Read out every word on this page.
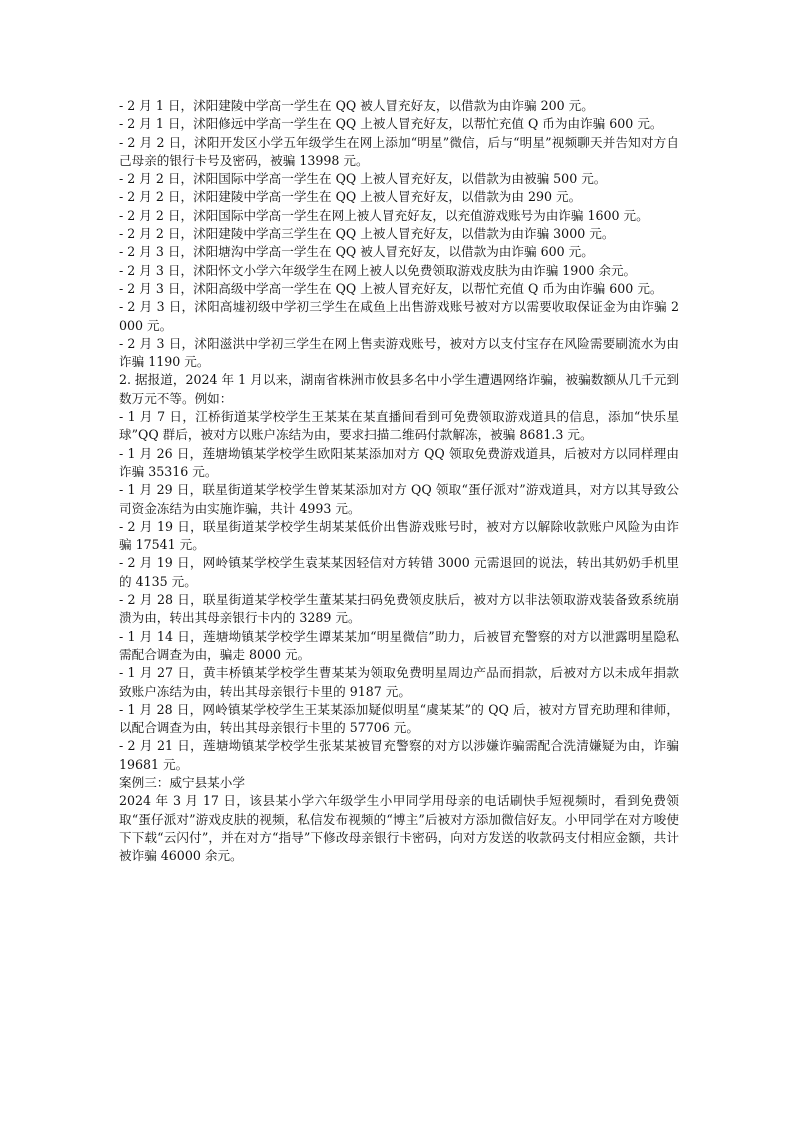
- 2 月 1 日，沭阳建陵中学高一学生在 QQ 被人冒充好友，以借款为由诈骗 200 元。

- 2 月 1 日，沭阳修远中学高一学生在 QQ 上被人冒充好友，以帮忙充值 Q 币为由诈骗 600 元。

- 2 月 2 日，沭阳开发区小学五年级学生在网上添加“明星”微信，后与“明星”视频聊天并告知对方自己母亲的银行卡号及密码，被骗 13998 元。

- 2 月 2 日，沭阳国际中学高一学生在 QQ 上被人冒充好友，以借款为由被骗 500 元。

- 2 月 2 日，沭阳建陵中学高一学生在 QQ 上被人冒充好友，以借款为由 290 元。

- 2 月 2 日，沭阳国际中学高一学生在网上被人冒充好友，以充值游戏账号为由诈骗 1600 元。

- 2 月 2 日，沭阳建陵中学高三学生在 QQ 上被人冒充好友，以借款为由诈骗 3000 元。

- 2 月 3 日，沭阳塘沟中学高一学生在 QQ 被人冒充好友，以借款为由诈骗 600 元。

- 2 月 3 日，沭阳怀文小学六年级学生在网上被人以免费领取游戏皮肤为由诈骗 1900 余元。

- 2 月 3 日，沭阳高级中学高一学生在 QQ 上被人冒充好友，以帮忙充值 Q 币为由诈骗 600 元。

- 2 月 3 日，沭阳高墟初级中学初三学生在咸鱼上出售游戏账号被对方以需要收取保证金为由诈骗 2000 元。

- 2 月 3 日，沭阳滋洪中学初三学生在网上售卖游戏账号，被对方以支付宝存在风险需要刷流水为由诈骗 1190 元。

2. 据报道，2024 年 1 月以来，湖南省株洲市攸县多名中小学生遭遇网络诈骗，被骗数额从几千元到数万元不等。例如：

- 1 月 7 日，江桥街道某学校学生王某某在某直播间看到可免费领取游戏道具的信息，添加“快乐星球”QQ 群后，被对方以账户冻结为由，要求扫描二维码付款解冻，被骗 8681.3 元。

- 1 月 26 日，莲塘坳镇某学校学生欧阳某某添加对方 QQ 领取免费游戏道具，后被对方以同样理由诈骗 35316 元。

- 1 月 29 日，联星街道某学校学生曾某某添加对方 QQ 领取“蛋仔派对”游戏道具，对方以其导致公司资金冻结为由实施诈骗，共计 4993 元。

- 2 月 19 日，联星街道某学校学生胡某某低价出售游戏账号时，被对方以解除收款账户风险为由诈骗 17541 元。

- 2 月 19 日，网岭镇某学校学生袁某某因轻信对方转错 3000 元需退回的说法，转出其奶奶手机里的 4135 元。

- 2 月 28 日，联星街道某学校学生董某某扫码免费领皮肤后，被对方以非法领取游戏装备致系统崩溃为由，转出其母亲银行卡内的 3289 元。

- 1 月 14 日，莲塘坳镇某学校学生谭某某加“明星微信”助力，后被冒充警察的对方以泄露明星隐私需配合调查为由，骗走 8000 元。

- 1 月 27 日，黄丰桥镇某学校学生曹某某为领取免费明星周边产品而捐款，后被对方以未成年捐款致账户冻结为由，转出其母亲银行卡里的 9187 元。

- 1 月 28 日，网岭镇某学校学生王某某添加疑似明星“虞某某”的 QQ 后，被对方冒充助理和律师，以配合调查为由，转出其母亲银行卡里的 57706 元。

- 2 月 21 日，莲塘坳镇某学校学生张某某被冒充警察的对方以涉嫌诈骗需配合洗清嫌疑为由，诈骗 19681 元。

案例三：威宁县某小学

2024 年 3 月 17 日，该县某小学六年级学生小甲同学用母亲的电话刷快手短视频时，看到免费领取“蛋仔派对”游戏皮肤的视频，私信发布视频的“博主”后被对方添加微信好友。小甲同学在对方唆使下下载“云闪付”，并在对方“指导”下修改母亲银行卡密码，向对方发送的收款码支付相应金额，共计被诈骗 46000 余元。
